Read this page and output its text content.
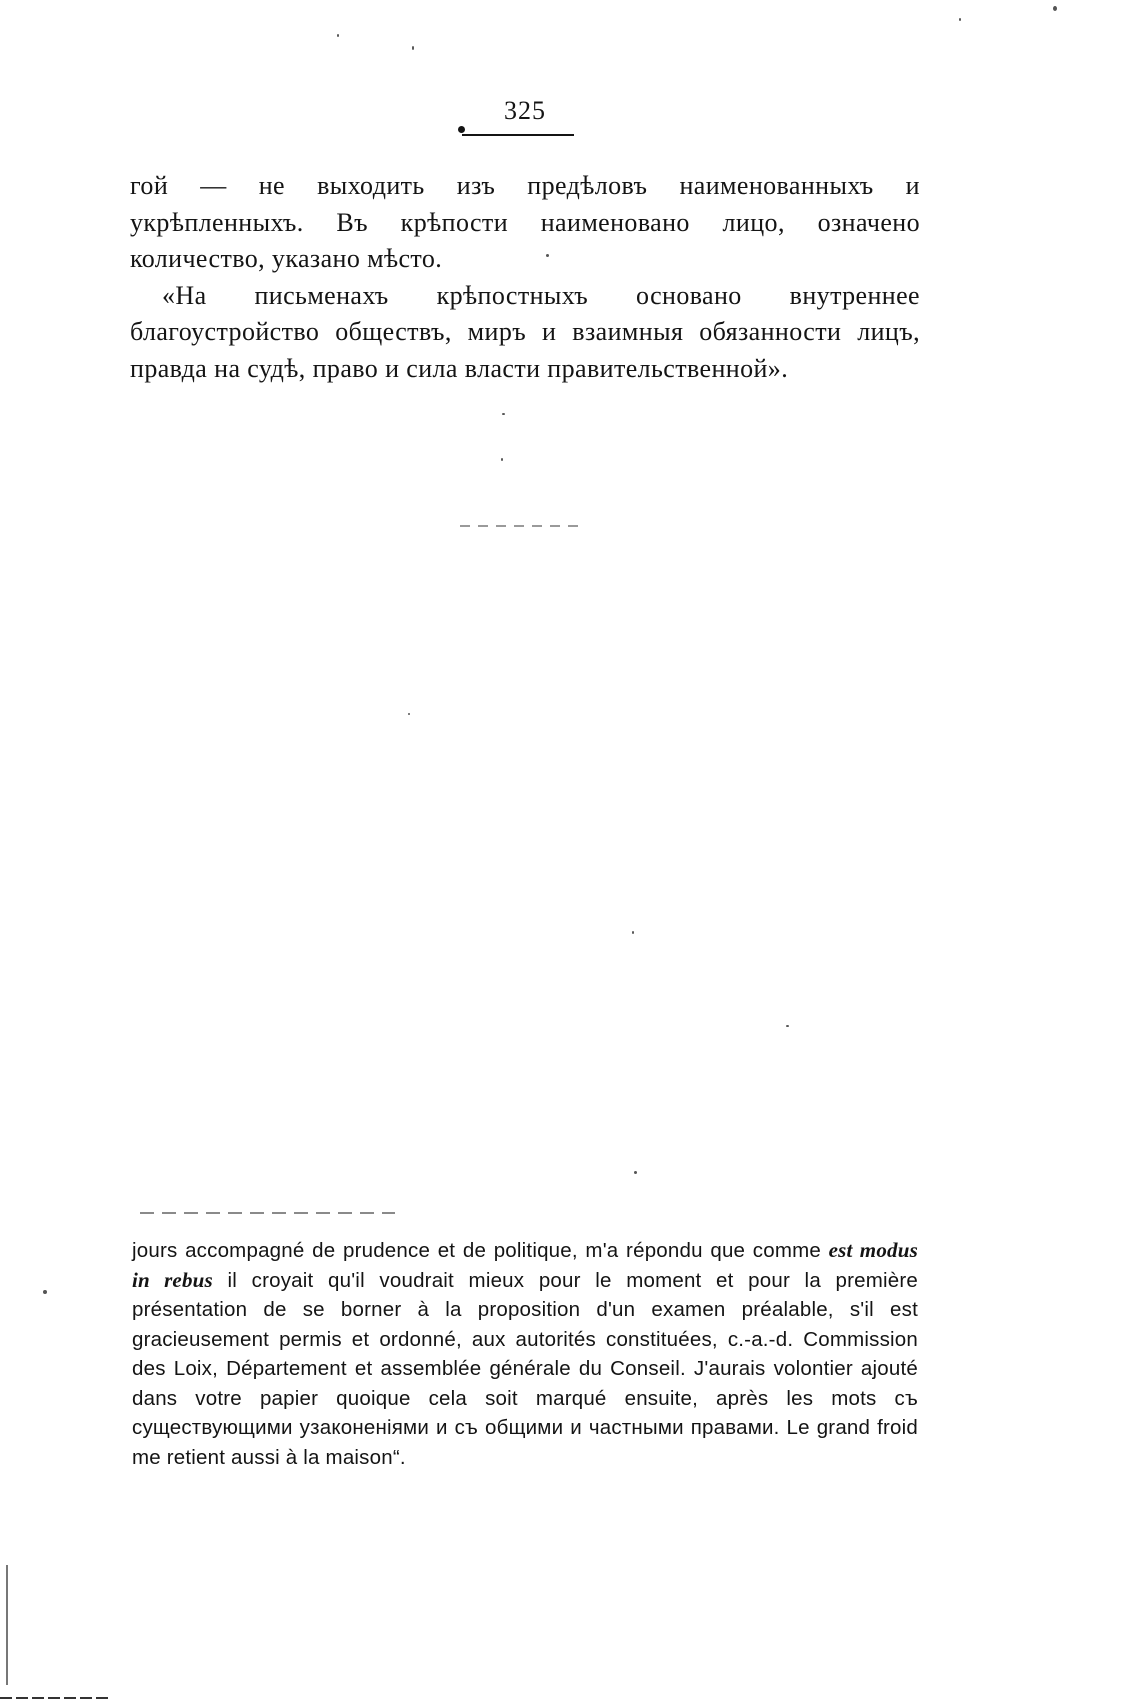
325

гой — не выходить изъ предѣловъ наименованныхъ и укрѣпленныхъ. Въ крѣпости наименовано лицо, означено количество, указано мѣсто.

«На письменахъ крѣпостныхъ основано внутреннее благоустройство обществъ, миръ и взаимныя обязанности лицъ, правда на судѣ, право и сила власти правительственной».

jours accompagné de prudence et de politique, m'a répondu que comme est modus in rebus il croyait qu'il voudrait mieux pour le moment et pour la première présentation de se borner à la proposition d'un examen préalable, s'il est gracieusement permis et ordonné, aux autorités constituées, c.-a.-d. Commission des Loix, Département et assemblée générale du Conseil. J'aurais volontier ajouté dans votre papier quoique cela soit marqué ensuite, après les mots съ существующими узаконеніями и съ общими и частными правами. Le grand froid me retient aussi à la maison“.
